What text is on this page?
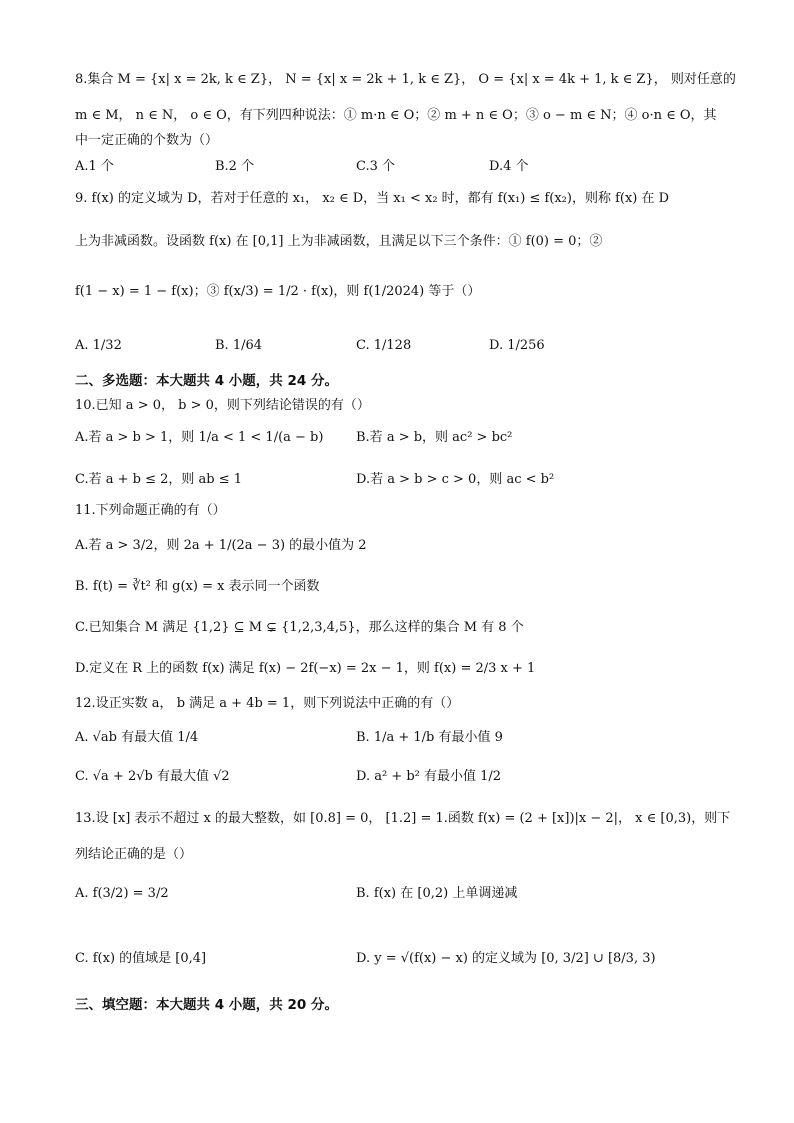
8.集合 M = {x| x = 2k, k ∈ Z}， N = {x| x = 2k + 1, k ∈ Z}， O = {x| x = 4k + 1, k ∈ Z}， 则对任意的
m ∈ M， n ∈ N， o ∈ O，有下列四种说法：① m·n ∈ O；② m + n ∈ O；③ o − m ∈ N；④ o·n ∈ O，其
中一定正确的个数为（）
A.1 个	B.2 个	C.3 个	D.4 个
9. f(x) 的定义域为 D，若对于任意的 x₁， x₂ ∈ D，当 x₁ < x₂ 时，都有 f(x₁) ≤ f(x₂)，则称 f(x) 在 D
上为非减函数。设函数 f(x) 在 [0,1] 上为非减函数，且满足以下三个条件：① f(0) = 0；②
f(1 − x) = 1 − f(x)；③ f(x/3) = 1/2 · f(x)，则 f(1/2024) 等于（）
A. 1/32	B. 1/64	C. 1/128	D. 1/256
二、多选题：本大题共 4 小题，共 24 分。
10.已知 a > 0， b > 0，则下列结论错误的有（）
A.若 a > b > 1，则 1/a < 1 < 1/(a − b)	B.若 a > b，则 ac² > bc²
C.若 a + b ≤ 2，则 ab ≤ 1	D.若 a > b > c > 0，则 ac < b²
11.下列命题正确的有（）
A.若 a > 3/2，则 2a + 1/(2a − 3) 的最小值为 2
B. f(t) = ∛t² 和 g(x) = x 表示同一个函数
C.已知集合 M 满足 {1,2} ⊆ M ⊊ {1,2,3,4,5}，那么这样的集合 M 有 8 个
D.定义在 R 上的函数 f(x) 满足 f(x) − 2f(−x) = 2x − 1，则 f(x) = 2/3 x + 1
12.设正实数 a， b 满足 a + 4b = 1，则下列说法中正确的有（）
A. √ab 有最大值 1/4	B. 1/a + 1/b 有最小值 9
C. √a + 2√b 有最大值 √2	D. a² + b² 有最小值 1/2
13.设 [x] 表示不超过 x 的最大整数，如 [0.8] = 0， [1.2] = 1.函数 f(x) = (2 + [x])|x − 2|， x ∈ [0,3)，则下
列结论正确的是（）
A. f(3/2) = 3/2	B. f(x) 在 [0,2) 上单调递减
C. f(x) 的值域是 [0,4]	D. y = √(f(x) − x) 的定义域为 [0, 3/2] ∪ [8/3, 3)
三、填空题：本大题共 4 小题，共 20 分。
